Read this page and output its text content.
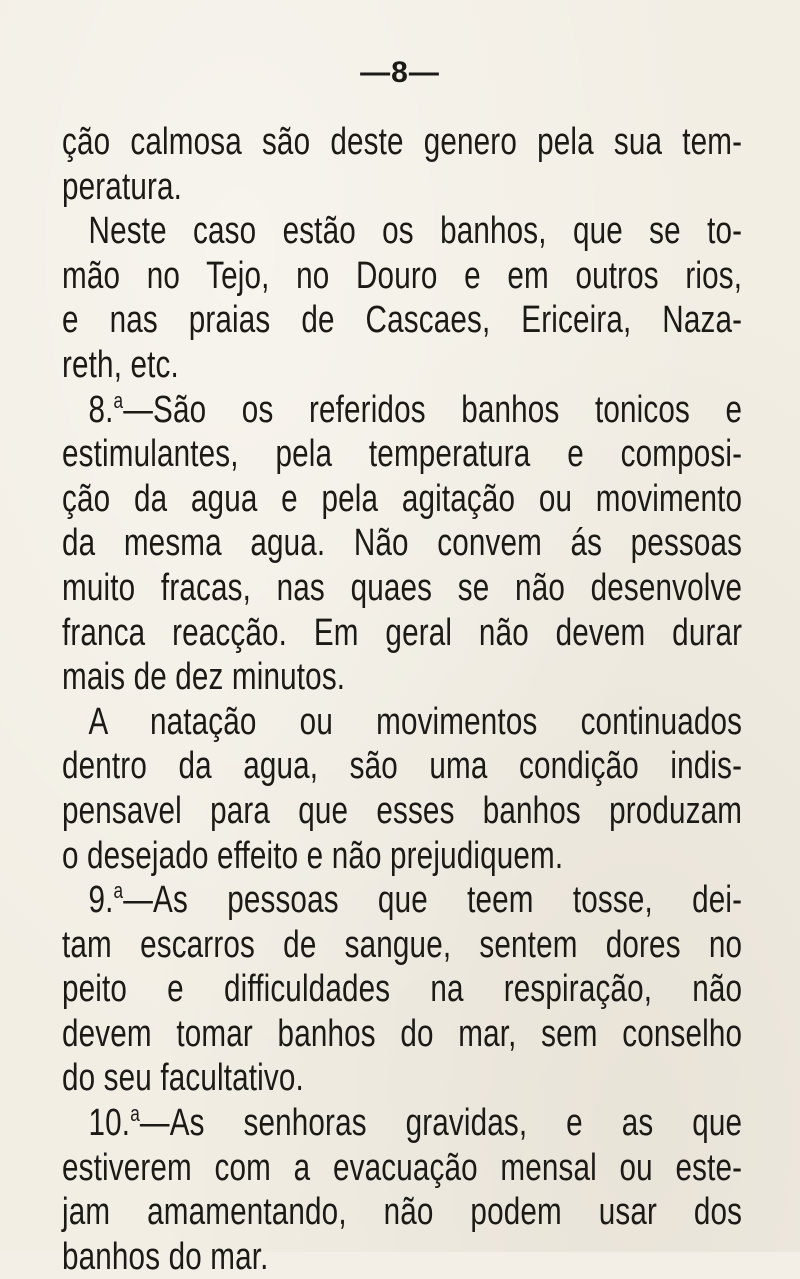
—8—
ção calmosa são deste genero pela sua tem-
peratura.
Neste caso estão os banhos, que se to-
mão no Tejo, no Douro e em outros rios,
e nas praias de Cascaes, Ericeira, Naza-
reth, etc.
8.$^a$—São os referidos banhos tonicos e
estimulantes, pela temperatura e composi-
ção da agua e pela agitação ou movimento
da mesma agua. Não convem ás pessoas
muito fracas, nas quaes se não desenvolve
franca reacção. Em geral não devem durar
mais de dez minutos.
A natação ou movimentos continuados
dentro da agua, são uma condição indis-
pensavel para que esses banhos produzam
o desejado effeito e não prejudiquem.
9.$^a$—As pessoas que teem tosse, dei-
tam escarros de sangue, sentem dores no
peito e difficuldades na respiração, não
devem tomar banhos do mar, sem conselho
do seu facultativo.
10.$^a$—As senhoras gravidas, e as que
estiverem com a evacuação mensal ou este-
jam amamentando, não podem usar dos
banhos do mar.
